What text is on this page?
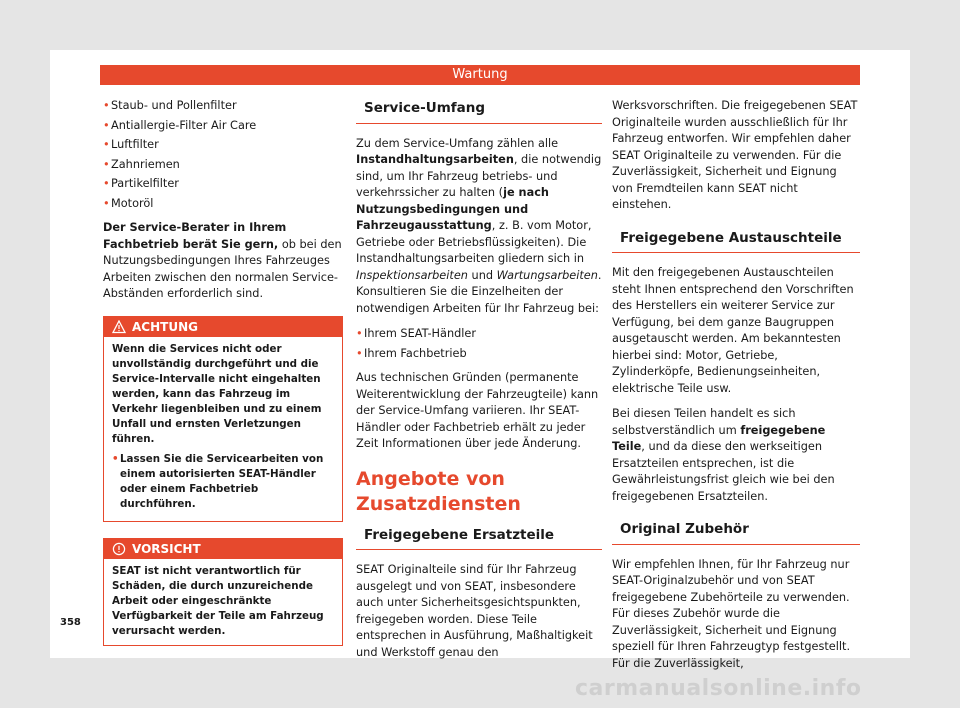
Wartung
• Staub- und Pollenfilter
• Antiallergie-Filter Air Care
• Luftfilter
• Zahnriemen
• Partikelfilter
• Motoröl

Der Service-Berater in Ihrem Fachbetrieb berät Sie gern, ob bei den Nutzungsbedingungen Ihres Fahrzeuges Arbeiten zwischen den normalen Service-Abständen erforderlich sind.

ACHTUNG

Wenn die Services nicht oder unvollständig durchgeführt und die Service-Intervalle nicht eingehalten werden, kann das Fahrzeug im Verkehr liegenbleiben und zu einem Unfall und ernsten Verletzungen führen.

• Lassen Sie die Servicearbeiten von einem autorisierten SEAT-Händler oder einem Fachbetrieb durchführen.
VORSICHT

SEAT ist nicht verantwortlich für Schäden, die durch unzureichende Arbeit oder eingeschränkte Verfügbarkeit der Teile am Fahrzeug verursacht werden.

Service-Umfang

Zu dem Service-Umfang zählen alle Instandhaltungsarbeiten, die notwendig sind, um Ihr Fahrzeug betriebs- und verkehrssicher zu halten (je nach Nutzungsbedingungen und Fahrzeugausstattung, z. B. vom Motor, Getriebe oder Betriebsflüssigkeiten). Die Instandhaltungsarbeiten gliedern sich in Inspektionsarbeiten und Wartungsarbeiten. Konsultieren Sie die Einzelheiten der notwendigen Arbeiten für Ihr Fahrzeug bei:

• Ihrem SEAT-Händler
• Ihrem Fachbetrieb

Aus technischen Gründen (permanente Weiterentwicklung der Fahrzeugteile) kann der Service-Umfang variieren. Ihr SEAT-Händler oder Fachbetrieb erhält zu jeder Zeit Informationen über jede Änderung.

Angebote von Zusatzdiensten
Freigegebene Ersatzteile

SEAT Originalteile sind für Ihr Fahrzeug ausgelegt und von SEAT, insbesondere auch unter Sicherheitsgesichtspunkten, freigegeben worden. Diese Teile entsprechen in Ausführung, Maßhaltigkeit und Werkstoff genau den

Werksvorschriften. Die freigegebenen SEAT Originalteile wurden ausschließlich für Ihr Fahrzeug entworfen. Wir empfehlen daher SEAT Originalteile zu verwenden. Für die Zuverlässigkeit, Sicherheit und Eignung von Fremdteilen kann SEAT nicht einstehen.

Freigegebene Austauschteile

Mit den freigegebenen Austauschteilen steht Ihnen entsprechend den Vorschriften des Herstellers ein weiterer Service zur Verfügung, bei dem ganze Baugruppen ausgetauscht werden. Am bekanntesten hierbei sind: Motor, Getriebe, Zylinderköpfe, Bedienungseinheiten, elektrische Teile usw.

Bei diesen Teilen handelt es sich selbstverständlich um freigegebene Teile, und da diese den werkseitigen Ersatzteilen entsprechen, ist die Gewährleistungsfrist gleich wie bei den freigegebenen Ersatzteilen.

Original Zubehör

Wir empfehlen Ihnen, für Ihr Fahrzeug nur SEAT-Originalzubehör und von SEAT freigegebene Zubehörteile zu verwenden. Für dieses Zubehör wurde die Zuverlässigkeit, Sicherheit und Eignung speziell für Ihren Fahrzeugtyp festgestellt. Für die Zuverlässigkeit,

358
carmanualsonline.info
